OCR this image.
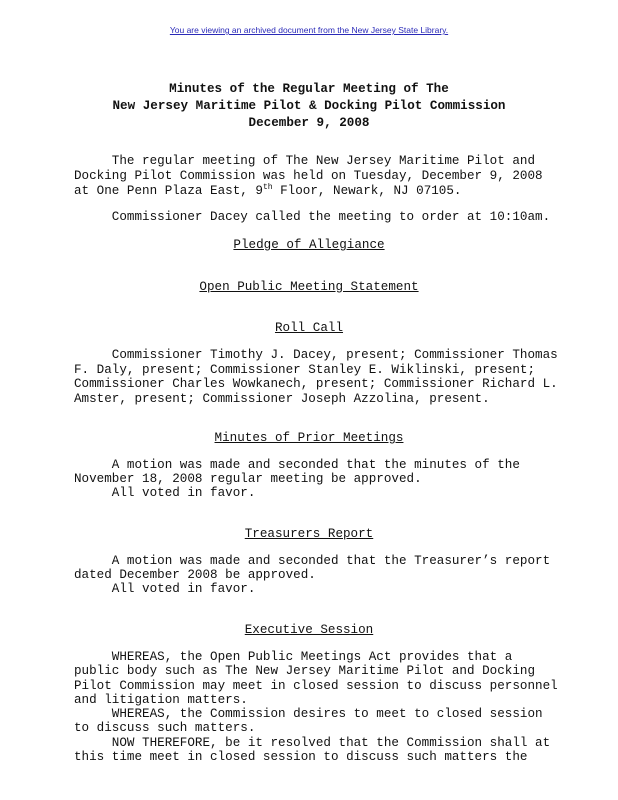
You are viewing an archived document from the New Jersey State Library.
Minutes of the Regular Meeting of The
New Jersey Maritime Pilot & Docking Pilot Commission
December 9, 2008
The regular meeting of The New Jersey Maritime Pilot and
Docking Pilot Commission was held on Tuesday, December 9, 2008
at One Penn Plaza East, 9th Floor, Newark, NJ 07105.
Commissioner Dacey called the meeting to order at 10:10am.
Pledge of Allegiance
Open Public Meeting Statement
Roll Call
Commissioner Timothy J. Dacey, present; Commissioner Thomas
F. Daly, present; Commissioner Stanley E. Wiklinski, present;
Commissioner Charles Wowkanech, present; Commissioner Richard L.
Amster, present; Commissioner Joseph Azzolina, present.
Minutes of Prior Meetings
A motion was made and seconded that the minutes of the
November 18, 2008 regular meeting be approved.
All voted in favor.
Treasurers Report
A motion was made and seconded that the Treasurer’s report
dated December 2008 be approved.
All voted in favor.
Executive Session
WHEREAS, the Open Public Meetings Act provides that a
public body such as The New Jersey Maritime Pilot and Docking
Pilot Commission may meet in closed session to discuss personnel
and litigation matters.
WHEREAS, the Commission desires to meet to closed session
to discuss such matters.
NOW THEREFORE, be it resolved that the Commission shall at
this time meet in closed session to discuss such matters the
